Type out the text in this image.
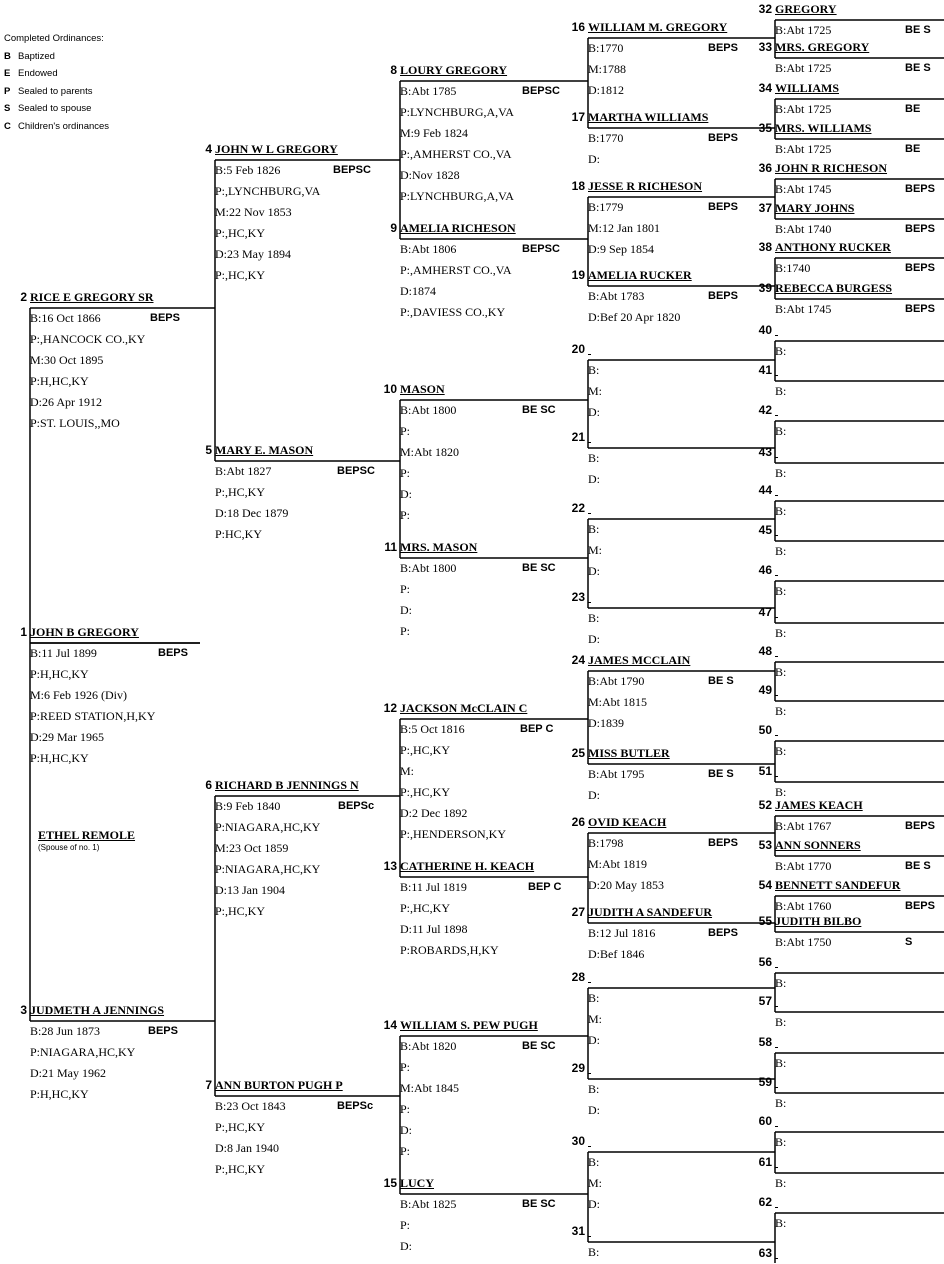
Completed Ordinances:
B Baptized
E Endowed
P Sealed to parents
S Sealed to spouse
C Children's ordinances
ETHEL REMOLE
(Spouse of no. 1)
1 JOHN B GREGORY
BEPS
B:11 Jul 1899
P:H,HC,KY
M:6 Feb 1926 (Div)
P:REED STATION,H,KY
D:29 Mar 1965
P:H,HC,KY
2 RICE E GREGORY SR
BEPS
B:16 Oct 1866
P:,HANCOCK CO.,KY
M:30 Oct 1895
P:H,HC,KY
D:26 Apr 1912
P:ST. LOUIS,,MO
3 JUDMETH A JENNINGS
BEPS
B:28 Jun 1873
P:NIAGARA,HC,KY
D:21 May 1962
P:H,HC,KY
4 JOHN W L GREGORY
BEPSC
B:5 Feb 1826
P:,LYNCHBURG,VA
M:22 Nov 1853
P:,HC,KY
D:23 May 1894
P:,HC,KY
5 MARY E. MASON
BEPSC
B:Abt 1827
P:,HC,KY
D:18 Dec 1879
P:HC,KY
6 RICHARD B JENNINGS N
BEPSc
B:9 Feb 1840
P:NIAGARA,HC,KY
M:23 Oct 1859
P:NIAGARA,HC,KY
D:13 Jan 1904
P:,HC,KY
7 ANN BURTON PUGH P
BEPSc
B:23 Oct 1843
P:,HC,KY
D:8 Jan 1940
P:,HC,KY
8 LOURY GREGORY
BEPSC
B:Abt 1785
P:LYNCHBURG,A,VA
M:9 Feb 1824
P:,AMHERST CO.,VA
D:Nov 1828
P:LYNCHBURG,A,VA
9 AMELIA RICHESON
BEPSC
B:Abt 1806
P:,AMHERST CO.,VA
D:1874
P:,DAVIESS CO.,KY
10 MASON
BE SC
B:Abt 1800
P:
M:Abt 1820
P:
D:
P:
11 MRS. MASON
BE SC
B:Abt 1800
P:
D:
P:
12 JACKSON McCLAIN C
BEP C
B:5 Oct 1816
P:,HC,KY
M:
P:,HC,KY
D:2 Dec 1892
P:,HENDERSON,KY
13 CATHERINE H. KEACH
BEP C
B:11 Jul 1819
P:,HC,KY
D:11 Jul 1898
P:ROBARDS,H,KY
14 WILLIAM S. PEW PUGH
BE SC
B:Abt 1820
P:
M:Abt 1845
P:
D:
P:
15 LUCY
BE SC
B:Abt 1825
P:
D:
16 WILLIAM M. GREGORY
BEPS
B:1770
M:1788
D:1812
17 MARTHA WILLIAMS
BEPS
B:1770
D:
18 JESSE R RICHESON
BEPS
B:1779
M:12 Jan 1801
D:9 Sep 1854
19 AMELIA RUCKER
BEPS
B:Abt 1783
D:Bef 20 Apr 1820
20

B:
M:
D:
21

B:
D:
22

B:
M:
D:
23

B:
D:
24 JAMES MCCLAIN
BE S
B:Abt 1790
M:Abt 1815
D:1839
25 MISS BUTLER
BE S
B:Abt 1795
D:
26 OVID KEACH
BEPS
B:1798
M:Abt 1819
D:20 May 1853
27 JUDITH A SANDEFUR
BEPS
B:12 Jul 1816
D:Bef 1846
28

B:
M:
D:
29

B:
D:
30

B:
M:
D:
31

B:
32 GREGORY
BE S
B:Abt 1725
33 MRS. GREGORY
BE S
B:Abt 1725
34 WILLIAMS
BE
B:Abt 1725
35 MRS. WILLIAMS
BE
B:Abt 1725
36 JOHN R RICHESON
BEPS
B:Abt 1745
37 MARY JOHNS
BEPS
B:Abt 1740
38 ANTHONY RUCKER
BEPS
B:1740
39 REBECCA BURGESS
BEPS
B:Abt 1745
40

B:
41

B:
42

B:
43

B:
44

B:
45

B:
46

B:
47

B:
48

B:
49

B:
50

B:
51

B:
52 JAMES KEACH
BEPS
B:Abt 1767
53 ANN SONNERS
BE S
B:Abt 1770
54 BENNETT SANDEFUR
BEPS
B:Abt 1760
55 JUDITH BILBO
S
B:Abt 1750
56

B:
57

B:
58

B:
59

B:
60

B:
61

B:
62

B:
63
